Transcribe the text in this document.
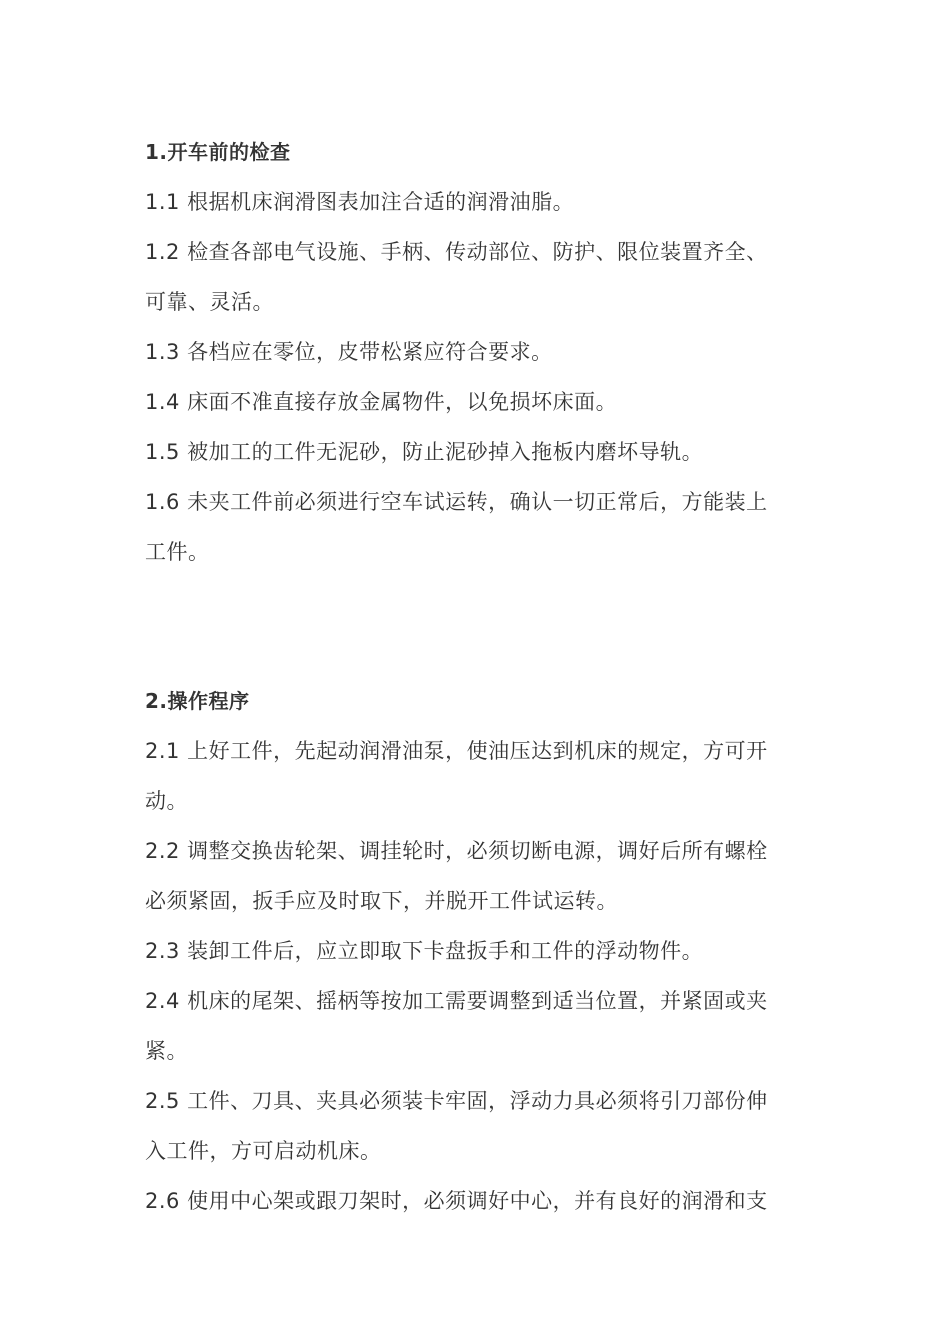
1.开车前的检查
1.1 根据机床润滑图表加注合适的润滑油脂。
1.2 检查各部电气设施、手柄、传动部位、防护、限位装置齐全、
可靠、灵活。
1.3 各档应在零位，皮带松紧应符合要求。
1.4 床面不准直接存放金属物件，以免损坏床面。
1.5 被加工的工件无泥砂，防止泥砂掉入拖板内磨坏导轨。
1.6 未夹工件前必须进行空车试运转，确认一切正常后，方能装上
工件。
2.操作程序
2.1 上好工件，先起动润滑油泵，使油压达到机床的规定，方可开
动。
2.2 调整交换齿轮架、调挂轮时，必须切断电源，调好后所有螺栓
必须紧固，扳手应及时取下，并脱开工件试运转。
2.3 装卸工件后，应立即取下卡盘扳手和工件的浮动物件。
2.4 机床的尾架、摇柄等按加工需要调整到适当位置，并紧固或夹
紧。
2.5 工件、刀具、夹具必须装卡牢固，浮动力具必须将引刀部份伸
入工件，方可启动机床。
2.6 使用中心架或跟刀架时，必须调好中心，并有良好的润滑和支
